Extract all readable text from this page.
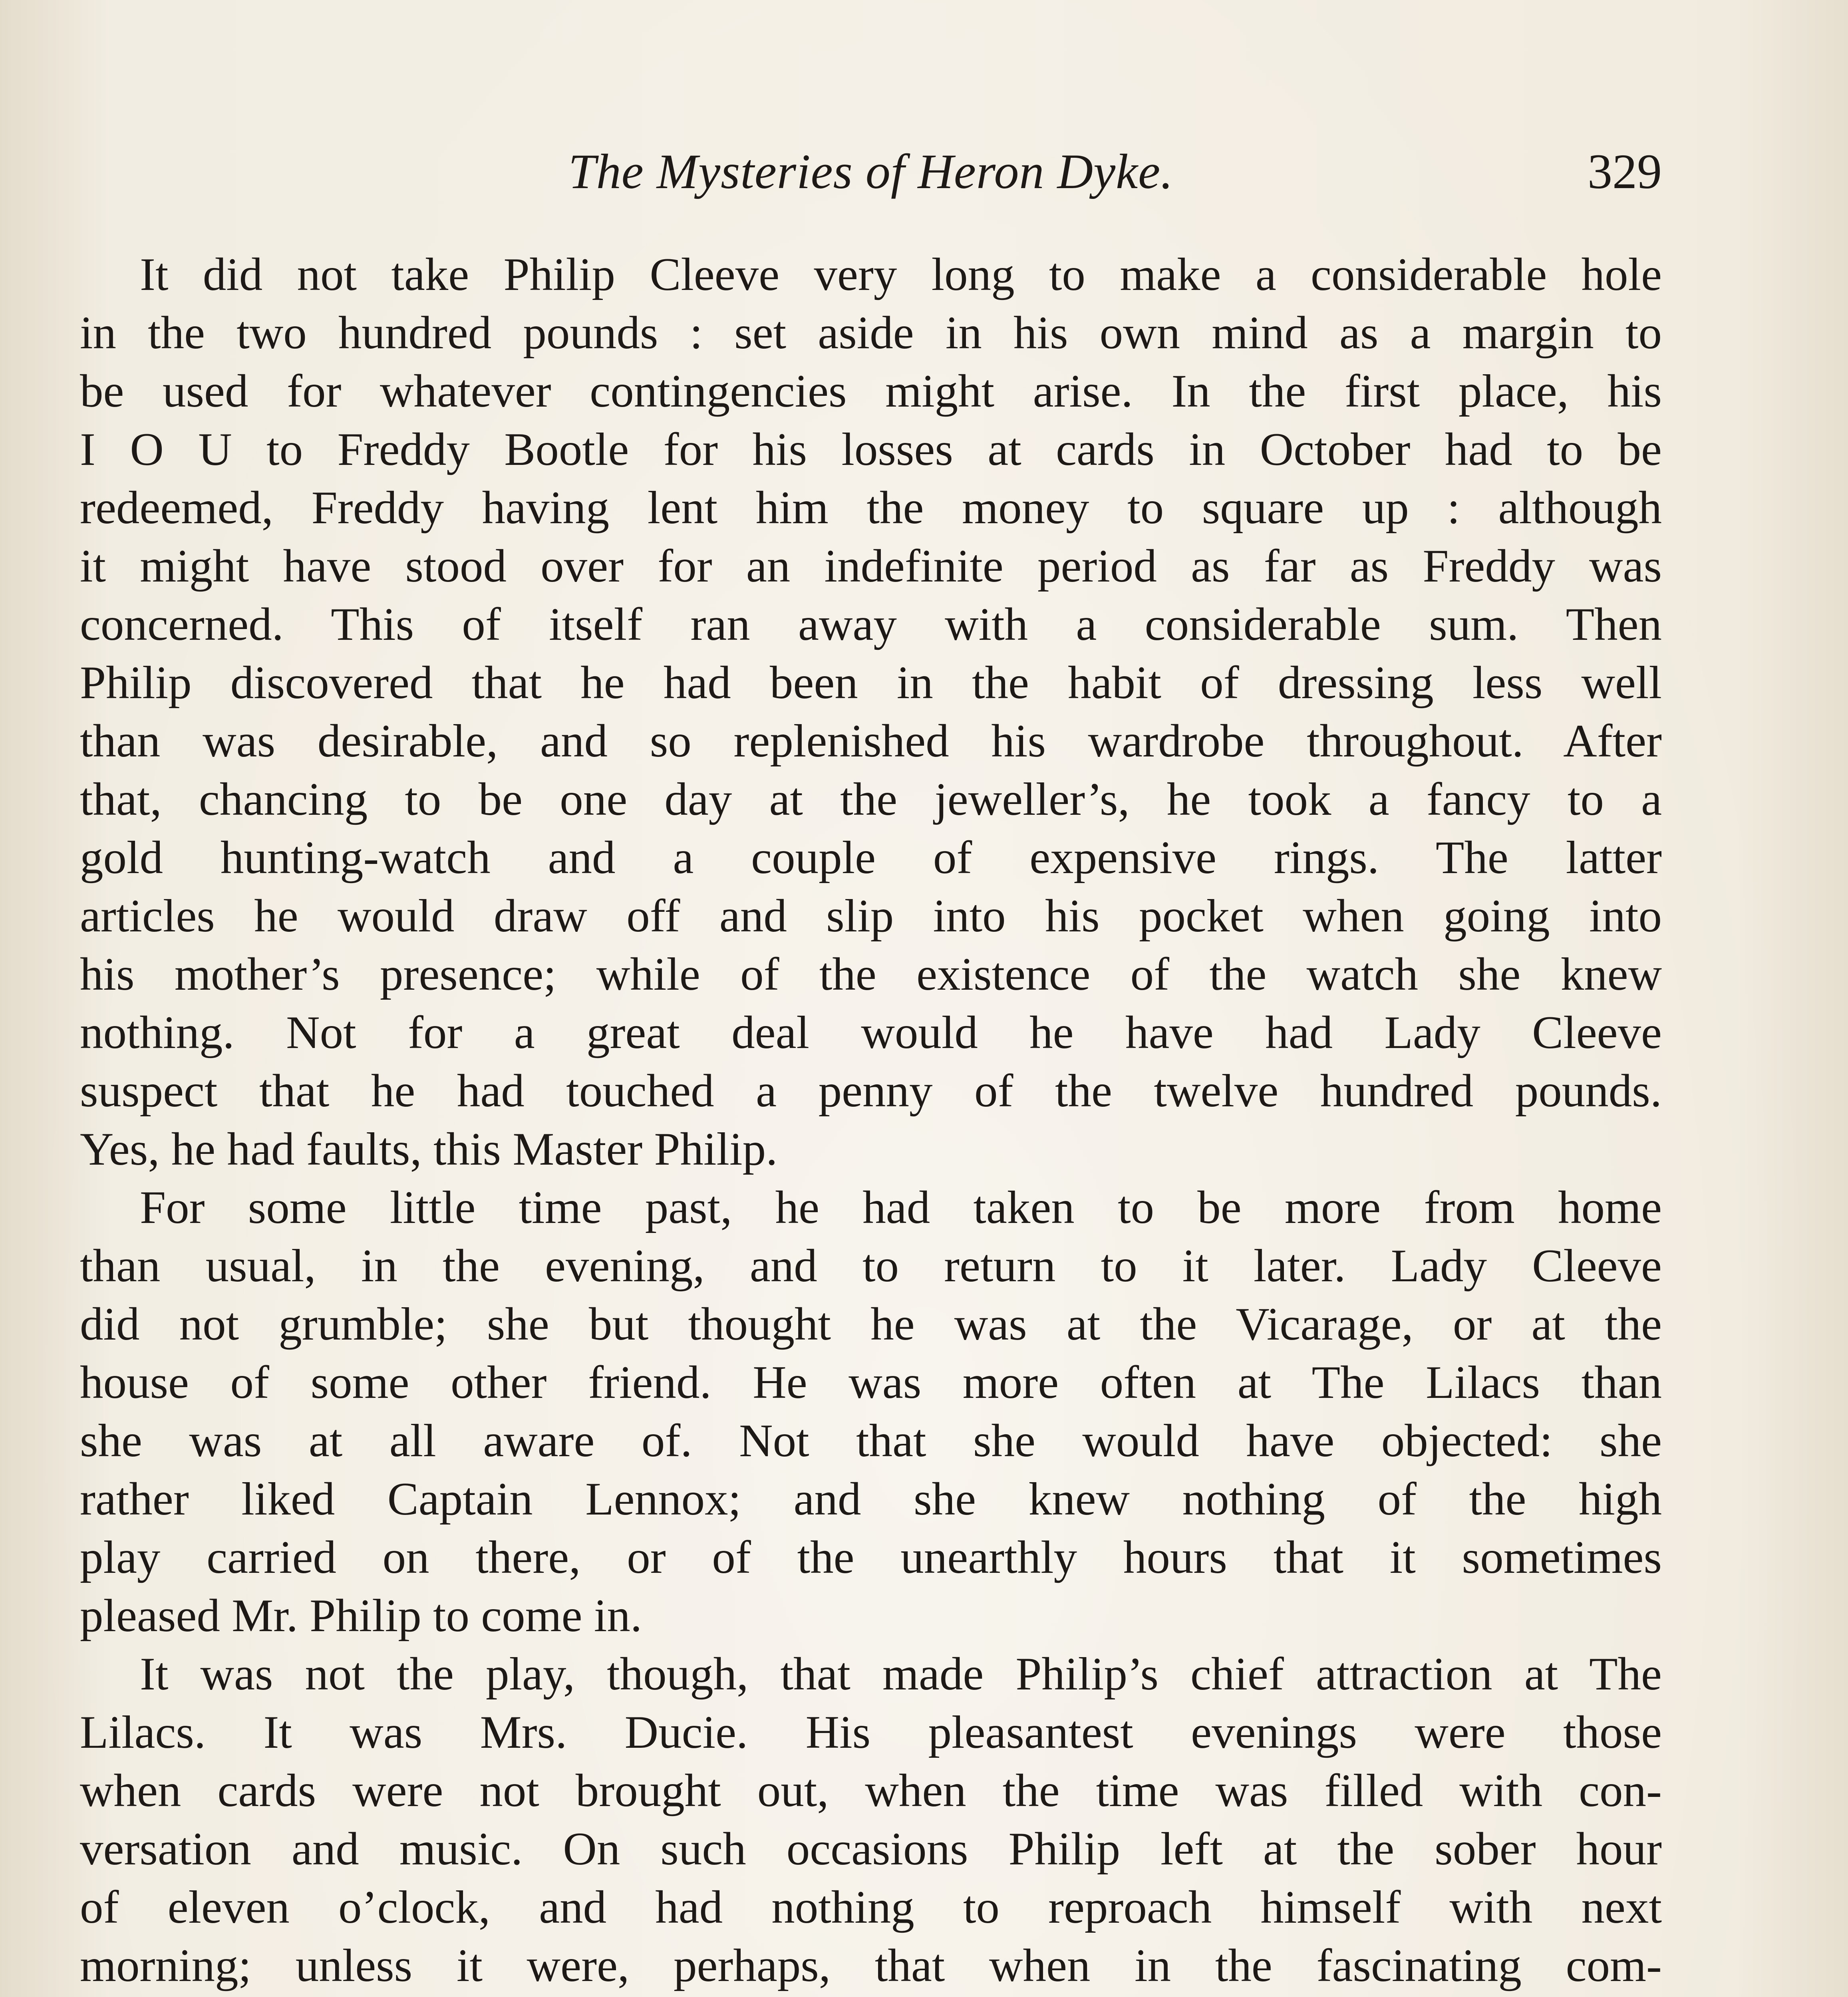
The Mysteries of Heron Dyke.	329
It did not take Philip Cleeve very long to make a considerable hole
in the two hundred pounds : set aside in his own mind as a margin to
be used for whatever contingencies might arise. In the first place, his
I O U to Freddy Bootle for his losses at cards in October had to be
redeemed, Freddy having lent him the money to square up : although
it might have stood over for an indefinite period as far as Freddy was
concerned. This of itself ran away with a considerable sum. Then
Philip discovered that he had been in the habit of dressing less well
than was desirable, and so replenished his wardrobe throughout. After
that, chancing to be one day at the jeweller’s, he took a fancy to a
gold hunting-watch and a couple of expensive rings. The latter
articles he would draw off and slip into his pocket when going into
his mother’s presence; while of the existence of the watch she knew
nothing. Not for a great deal would he have had Lady Cleeve
suspect that he had touched a penny of the twelve hundred pounds.
Yes, he had faults, this Master Philip.
For some little time past, he had taken to be more from home
than usual, in the evening, and to return to it later. Lady Cleeve
did not grumble; she but thought he was at the Vicarage, or at the
house of some other friend. He was more often at The Lilacs than
she was at all aware of. Not that she would have objected: she
rather liked Captain Lennox; and she knew nothing of the high
play carried on there, or of the unearthly hours that it sometimes
pleased Mr. Philip to come in.
It was not the play, though, that made Philip’s chief attraction at The
Lilacs. It was Mrs. Ducie. His pleasantest evenings were those
when cards were not brought out, when the time was filled with con-
versation and music. On such occasions Philip left at the sober hour
of eleven o’clock, and had nothing to reproach himself with next
morning; unless it were, perhaps, that when in the fascinating com-
